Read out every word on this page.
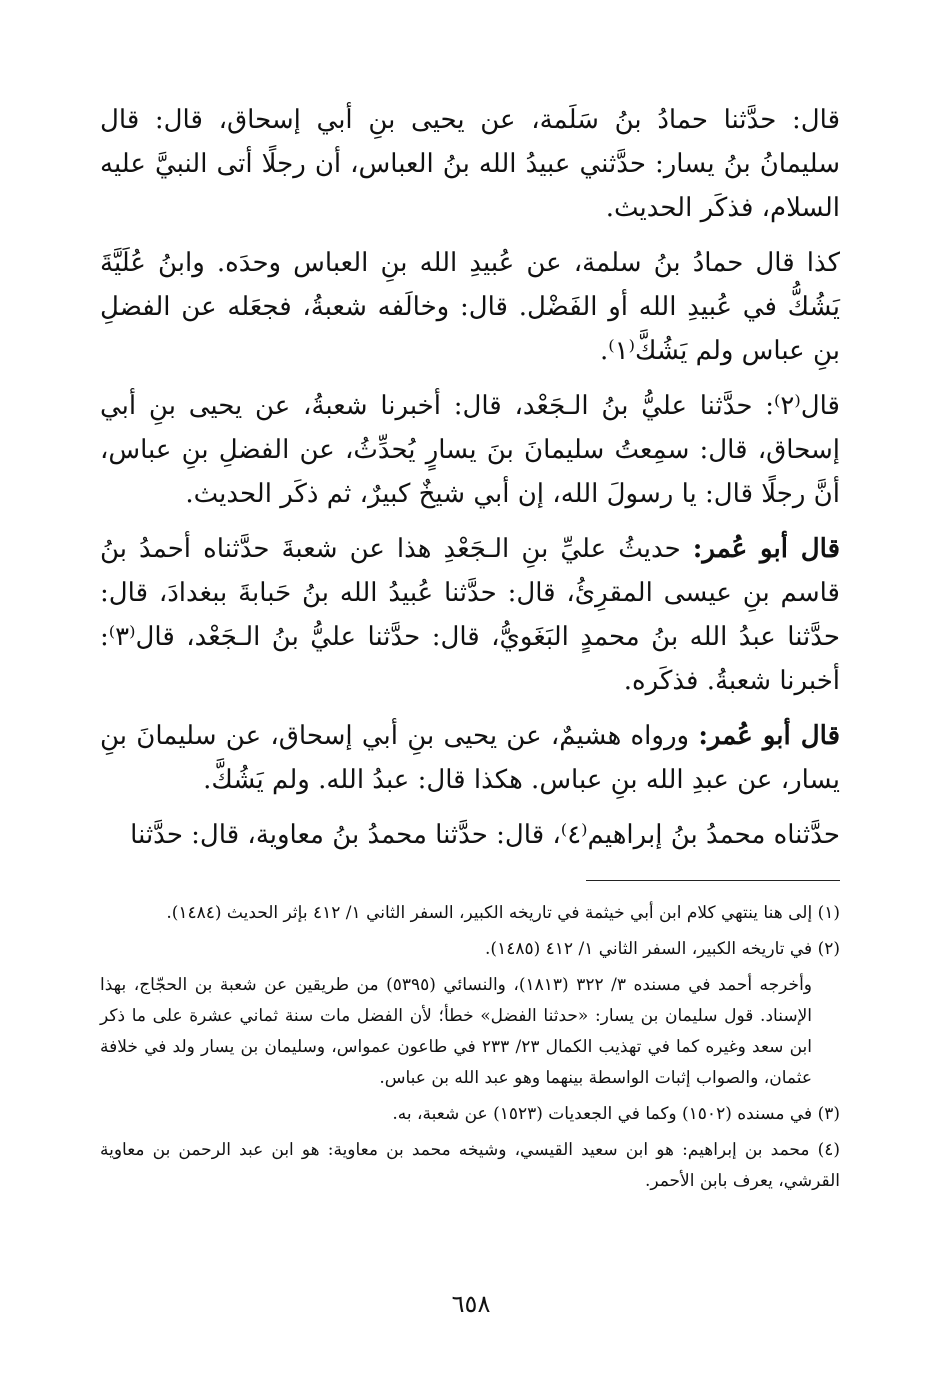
قال: حدَّثنا حمادُ بنُ سَلَمة، عن يحيى بنِ أبي إسحاق، قال: قال سليمانُ بنُ يسار: حدَّثني عبيدُ الله بنُ العباس، أن رجلًا أتى النبيَّ عليه السلام، فذكَر الحديث.

كذا قال حمادُ بنُ سلمة، عن عُبيدِ الله بنِ العباس وحدَه. وابنُ عُلَيَّةَ يَشُكُّ في عُبيدِ الله أو الفَضْل. قال: وخالَفه شعبةُ، فجعَله عن الفضلِ بنِ عباس ولم يَشُكَّ⁽١⁾.

قال⁽٢⁾: حدَّثنا عليُّ بنُ الـجَعْد، قال: أخبرنا شعبةُ، عن يحيى بنِ أبي إسحاق، قال: سمِعتُ سليمانَ بنَ يسارٍ يُحدِّثُ، عن الفضلِ بنِ عباس، أنَّ رجلًا قال: يا رسولَ الله، إن أبي شيخٌ كبيرٌ، ثم ذكَر الحديث.

قال أبو عُمر: حديثُ عليِّ بنِ الـجَعْدِ هذا عن شعبةَ حدَّثناه أحمدُ بنُ قاسم بنِ عيسى المقرِئُ، قال: حدَّثنا عُبيدُ الله بنُ حَبابةَ ببغدادَ، قال: حدَّثنا عبدُ الله بنُ محمدٍ البَغَويُّ، قال: حدَّثنا عليُّ بنُ الـجَعْد، قال⁽٣⁾: أخبرنا شعبةُ. فذكَره.

قال أبو عُمر: ورواه هشيمٌ، عن يحيى بنِ أبي إسحاق، عن سليمانَ بنِ يسار، عن عبدِ الله بنِ عباس. هكذا قال: عبدُ الله. ولم يَشُكَّ.

حدَّثناه محمدُ بنُ إبراهيم⁽٤⁾، قال: حدَّثنا محمدُ بنُ معاوية، قال: حدَّثنا

(١) إلى هنا ينتهي كلام ابن أبي خيثمة في تاريخه الكبير، السفر الثاني ١/ ٤١٢ بإثر الحديث (١٤٨٤).

(٢) في تاريخه الكبير، السفر الثاني ١/ ٤١٢ (١٤٨٥).

وأخرجه أحمد في مسنده ٣/ ٣٢٢ (١٨١٣)، والنسائي (٥٣٩٥) من طريقين عن شعبة بن الحجّاج، بهذا الإسناد. قول سليمان بن يسار: «حدثنا الفضل» خطأ؛ لأن الفضل مات سنة ثماني عشرة على ما ذكر ابن سعد وغيره كما في تهذيب الكمال ٢٣/ ٢٣٣ في طاعون عمواس، وسليمان بن يسار ولد في خلافة عثمان، والصواب إثبات الواسطة بينهما وهو عبد الله بن عباس.

(٣) في مسنده (١٥٠٢) وكما في الجعديات (١٥٢٣) عن شعبة، به.

(٤) محمد بن إبراهيم: هو ابن سعيد القيسي، وشيخه محمد بن معاوية: هو ابن عبد الرحمن بن معاوية القرشي، يعرف بابن الأحمر.

٦٥٨
